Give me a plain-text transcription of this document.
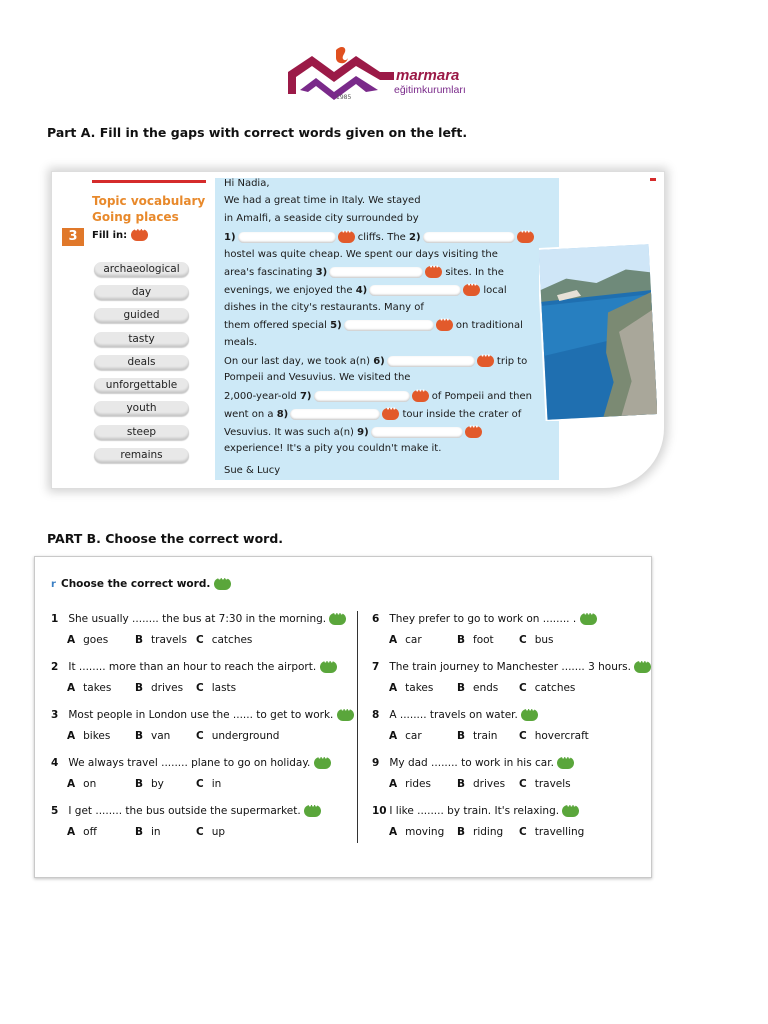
marmara
eğitimkurumları
1985
Part A. Fill in the gaps with correct words given on the left.
Topic vocabulary
Going places
3	Fill in: •••
archaeological
day
guided
tasty
deals
unforgettable
youth
steep
remains
Hi Nadia,
We had a great time in Italy. We stayed
in Amalfi, a seaside city surrounded by
1) •••	cliffs. The 2)•••
hostel was quite cheap. We spent our days visiting the
area's fascinating 3) •••	sites. In the
evenings, we enjoyed the 4) •••	local
dishes in the city's restaurants. Many of
them offered special 5) •••	on traditional
meals.
On our last day, we took a(n) 6) •••	trip to
Pompeii and Vesuvius. We visited the
2,000-year-old 7) •••	of Pompeii and then
went on a 8) •••	tour inside the crater of
Vesuvius. It was such a(n) 9)•••
experience! It's a pity you couldn't make it.
Sue & Lucy
PART B. Choose the correct word.
r Choose the correct word. •••
1 She usually ........ the bus at 7:30 in the morning. •••
A goes	B travels C catches
2 It ........ more than an hour to reach the airport. •••
A takes B drives C lasts
3 Most people in London use the ...... to get to work. •••
A bikes B van C underground
4 We always travel ........ plane to go on holiday. •••
A on	B by	C in
5 I get ........ the bus outside the supermarket. •••
A off	B in	C up
6 They prefer to go to work on ........ . •••
A car	B foot C bus
7 The train journey to Manchester ....... 3 hours. •••
A takes B ends C catches
8 A ........ travels on water. •••
A car	B train C hovercraft
9 My dad ........ to work in his car. •••
A rides B drives C travels
10 I like ........ by train. It's relaxing. •••
A moving B riding C travelling
